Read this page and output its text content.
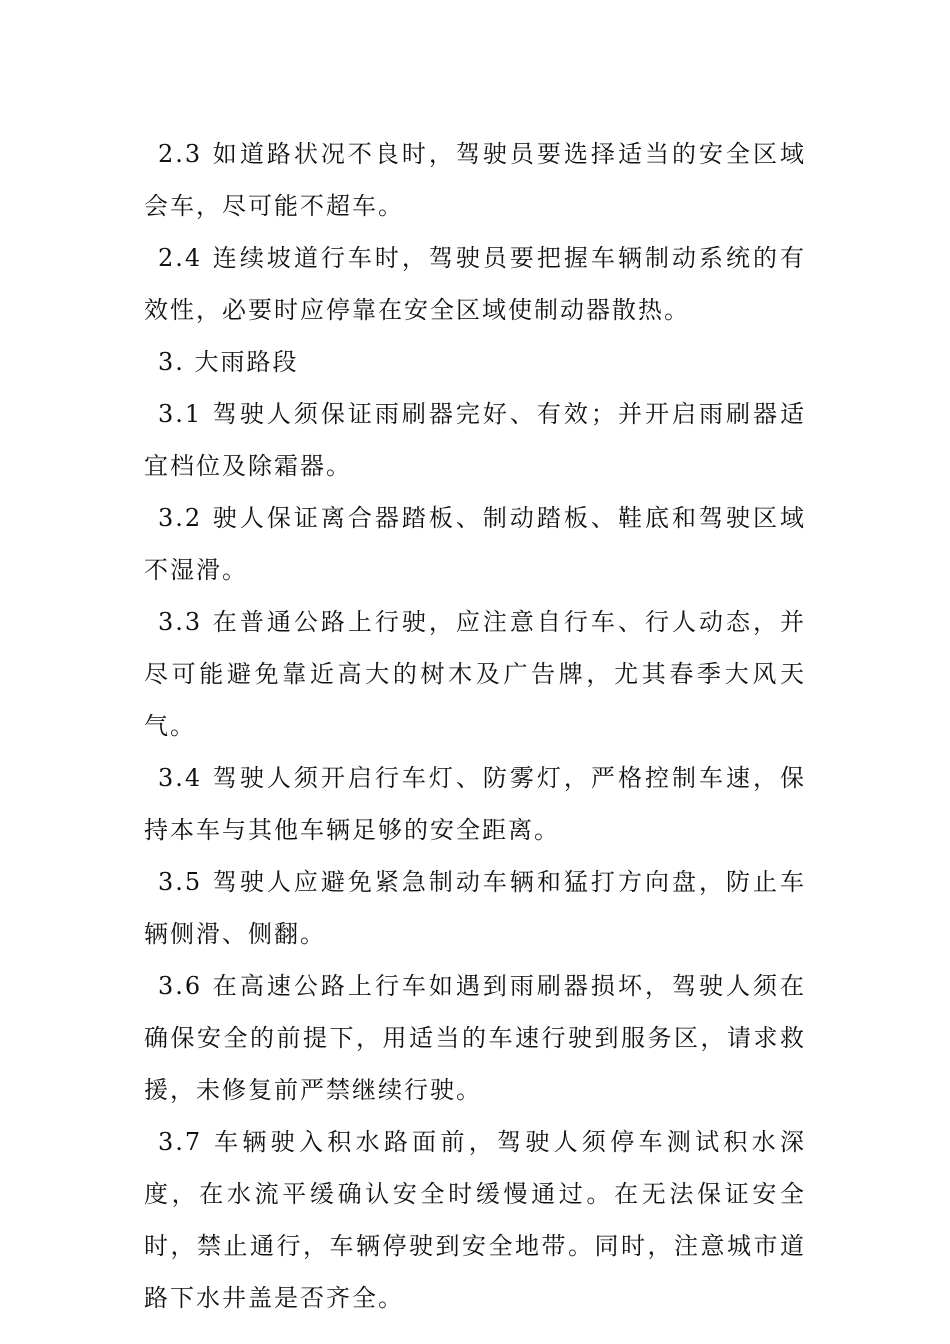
2.3 如道路状况不良时，驾驶员要选择适当的安全区域会车，尽可能不超车。

2.4 连续坡道行车时，驾驶员要把握车辆制动系统的有效性，必要时应停靠在安全区域使制动器散热。

3. 大雨路段

3.1 驾驶人须保证雨刷器完好、有效；并开启雨刷器适宜档位及除霜器。

3.2 驶人保证离合器踏板、制动踏板、鞋底和驾驶区域不湿滑。

3.3 在普通公路上行驶，应注意自行车、行人动态，并尽可能避免靠近高大的树木及广告牌，尤其春季大风天气。

3.4 驾驶人须开启行车灯、防雾灯，严格控制车速，保持本车与其他车辆足够的安全距离。

3.5 驾驶人应避免紧急制动车辆和猛打方向盘，防止车辆侧滑、侧翻。

3.6 在高速公路上行车如遇到雨刷器损坏，驾驶人须在确保安全的前提下，用适当的车速行驶到服务区，请求救援，未修复前严禁继续行驶。

3.7 车辆驶入积水路面前，驾驶人须停车测试积水深度，在水流平缓确认安全时缓慢通过。在无法保证安全时，禁止通行，车辆停驶到安全地带。同时，注意城市道路下水井盖是否齐全。
